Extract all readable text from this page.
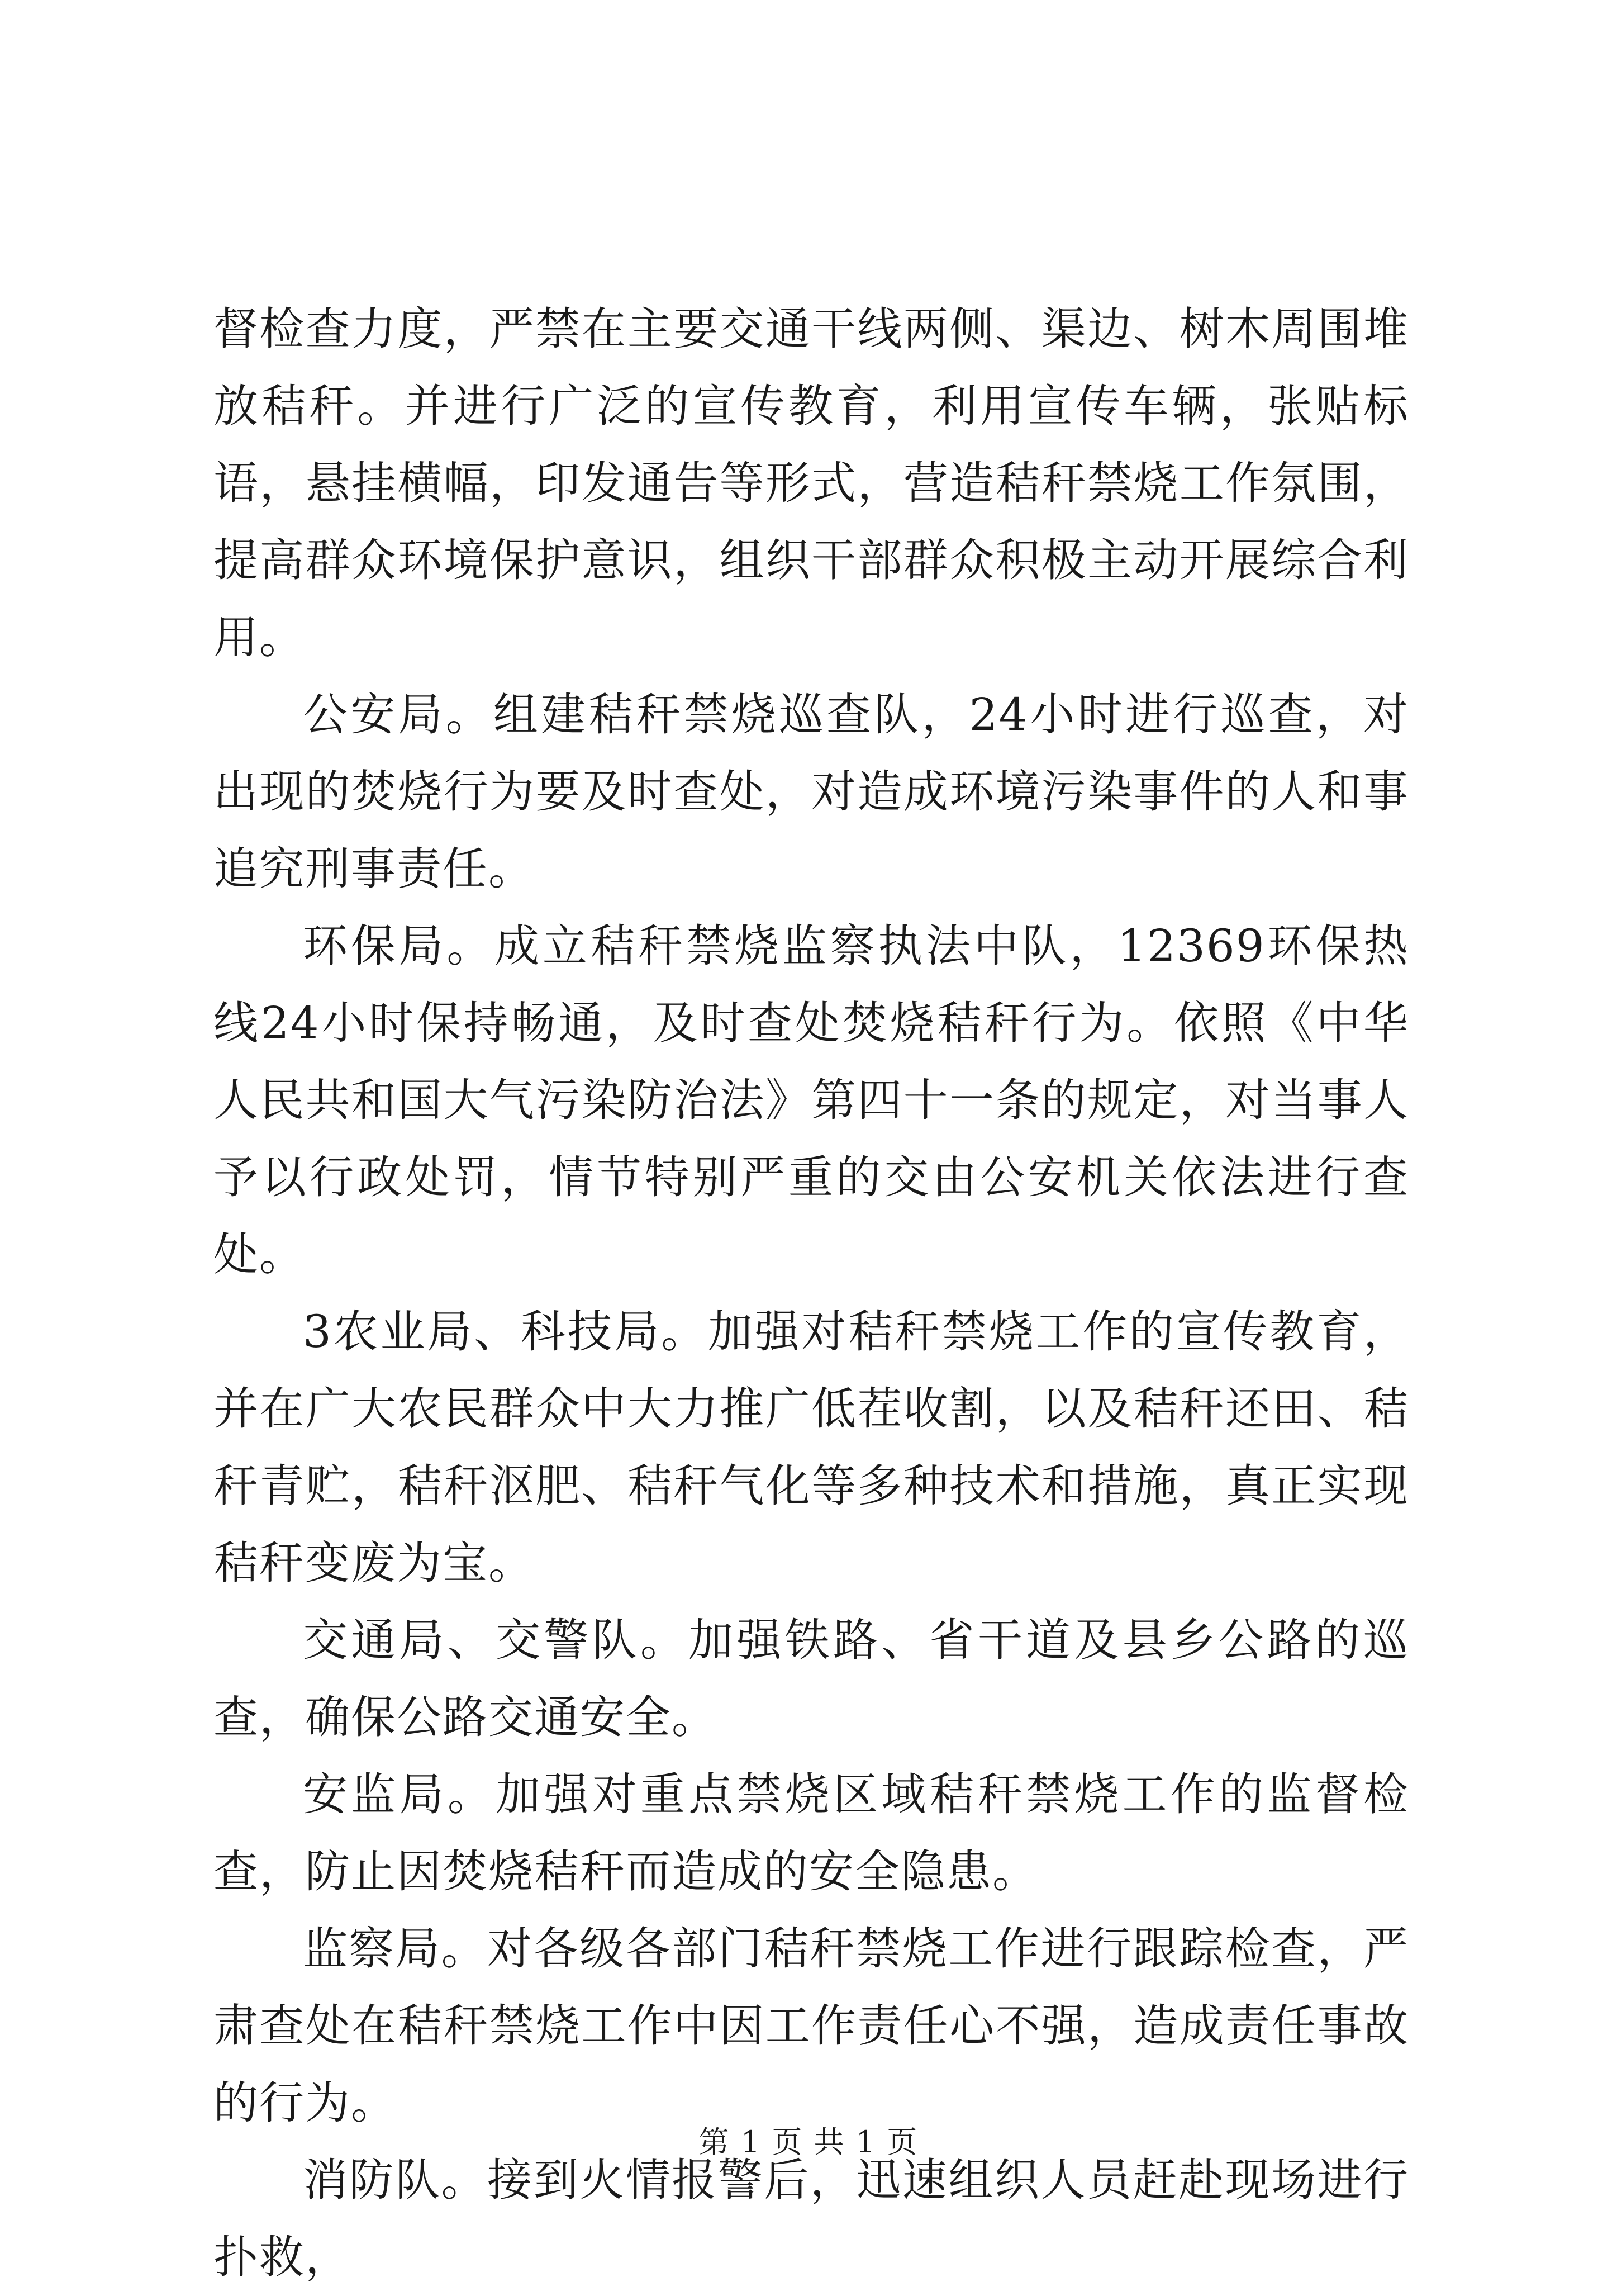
督检查力度，严禁在主要交通干线两侧、渠边、树木周围堆放秸秆。并进行广泛的宣传教育，利用宣传车辆，张贴标语，悬挂横幅，印发通告等形式，营造秸秆禁烧工作氛围，提高群众环境保护意识，组织干部群众积极主动开展综合利用。

公安局。组建秸秆禁烧巡查队，24小时进行巡查，对出现的焚烧行为要及时查处，对造成环境污染事件的人和事追究刑事责任。

环保局。成立秸秆禁烧监察执法中队，12369环保热线24小时保持畅通，及时查处焚烧秸秆行为。依照《中华人民共和国大气污染防治法》第四十一条的规定，对当事人予以行政处罚，情节特别严重的交由公安机关依法进行查处。

3农业局、科技局。加强对秸秆禁烧工作的宣传教育，并在广大农民群众中大力推广低茬收割，以及秸秆还田、秸秆青贮，秸秆沤肥、秸秆气化等多种技术和措施，真正实现秸秆变废为宝。

交通局、交警队。加强铁路、省干道及县乡公路的巡查，确保公路交通安全。

安监局。加强对重点禁烧区域秸秆禁烧工作的监督检查，防止因焚烧秸秆而造成的安全隐患。

监察局。对各级各部门秸秆禁烧工作进行跟踪检查，严肃查处在秸秆禁烧工作中因工作责任心不强，造成责任事故的行为。

消防队。接到火情报警后，迅速组织人员赶赴现场进行扑救，

第 1 页 共 1 页
